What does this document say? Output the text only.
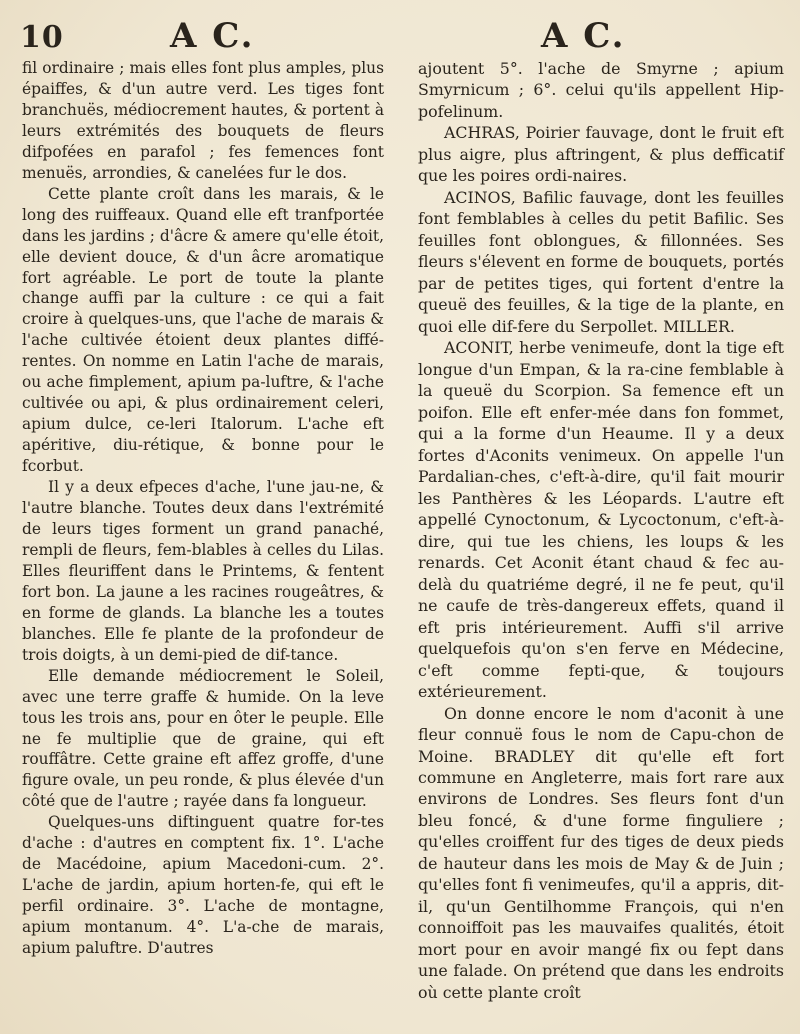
10	A C.	A C.

fil ordinaire ; mais elles font plus amples, plus épaiffes, & d'un autre verd. Les tiges font branchuës, médiocrement hautes, & portent à leurs extrémités des bouquets de fleurs difpofées en parafol ; fes femences font menuës, arrondies, & canelées fur le dos.

Cette plante croît dans les marais, & le long des ruiffeaux. Quand elle eft tranfportée dans les jardins ; d'âcre & amere qu'elle étoit, elle devient douce, & d'un âcre aromatique fort agréable. Le port de toute la plante change auffi par la culture : ce qui a fait croire à quelques-uns, que l'ache de marais & l'ache cultivée étoient deux plantes diffé-rentes. On nomme en Latin l'ache de marais, ou ache fimplement, apium pa-luftre, & l'ache cultivée ou api, & plus ordinairement celeri, apium dulce, ce-leri Italorum. L'ache eft apéritive, diu-rétique, & bonne pour le fcorbut.

Il y a deux efpeces d'ache, l'une jau-ne, & l'autre blanche. Toutes deux dans l'extrémité de leurs tiges forment un grand panaché, rempli de fleurs, fem-blables à celles du Lilas. Elles fleuriffent dans le Printems, & fentent fort bon. La jaune a les racines rougeâtres, & en forme de glands. La blanche les a toutes blanches. Elle fe plante de la profondeur de trois doigts, à un demi-pied de dif-tance.

Elle demande médiocrement le Soleil, avec une terre graffe & humide. On la leve tous les trois ans, pour en ôter le peuple. Elle ne fe multiplie que de graine, qui eft rouffâtre. Cette graine eft affez groffe, d'une figure ovale, un peu ronde, & plus élevée d'un côté que de l'autre ; rayée dans fa longueur.

Quelques-uns diftinguent quatre for-tes d'ache : d'autres en comptent fix. 1°. L'ache de Macédoine, apium Macedoni-cum. 2°. L'ache de jardin, apium horten-fe, qui eft le perfil ordinaire. 3°. L'ache de montagne, apium montanum. 4°. L'a-che de marais, apium paluftre. D'autres

ajoutent 5°. l'ache de Smyrne ; apium Smyrnicum ; 6°. celui qu'ils appellent Hip-pofelinum.

ACHRAS, Poirier fauvage, dont le fruit eft plus aigre, plus aftringent, & plus defficatif que les poires ordi-naires.

ACINOS, Bafilic fauvage, dont les feuilles font femblables à celles du petit Bafilic. Ses feuilles font oblongues, & fillonnées. Ses fleurs s'élevent en forme de bouquets, portés par de petites tiges, qui fortent d'entre la queuë des feuilles, & la tige de la plante, en quoi elle dif-fere du Serpollet. MILLER.

ACONIT, herbe venimeufe, dont la tige eft longue d'un Empan, & la ra-cine femblable à la queuë du Scorpion. Sa femence eft un poifon. Elle eft enfer-mée dans fon fommet, qui a la forme d'un Heaume. Il y a deux fortes d'Aconits venimeux. On appelle l'un Pardalian-ches, c'eft-à-dire, qu'il fait mourir les Panthères & les Léopards. L'autre eft appellé Cynoctonum, & Lycoctonum, c'eft-à-dire, qui tue les chiens, les loups & les renards. Cet Aconit étant chaud & fec au-delà du quatriéme degré, il ne fe peut, qu'il ne caufe de très-dangereux effets, quand il eft pris intérieurement. Auffi s'il arrive quelquefois qu'on s'en ferve en Médecine, c'eft comme fepti-que, & toujours extérieurement.

On donne encore le nom d'aconit à une fleur connuë fous le nom de Capu-chon de Moine. BRADLEY dit qu'elle eft fort commune en Angleterre, mais fort rare aux environs de Londres. Ses fleurs font d'un bleu foncé, & d'une forme finguliere ; qu'elles croiffent fur des tiges de deux pieds de hauteur dans les mois de May & de Juin ; qu'elles font fi venimeufes, qu'il a appris, dit-il, qu'un Gentilhomme François, qui n'en connoiffoit pas les mauvaifes qualités, étoit mort pour en avoir mangé fix ou fept dans une falade. On prétend que dans les endroits où cette plante croît
